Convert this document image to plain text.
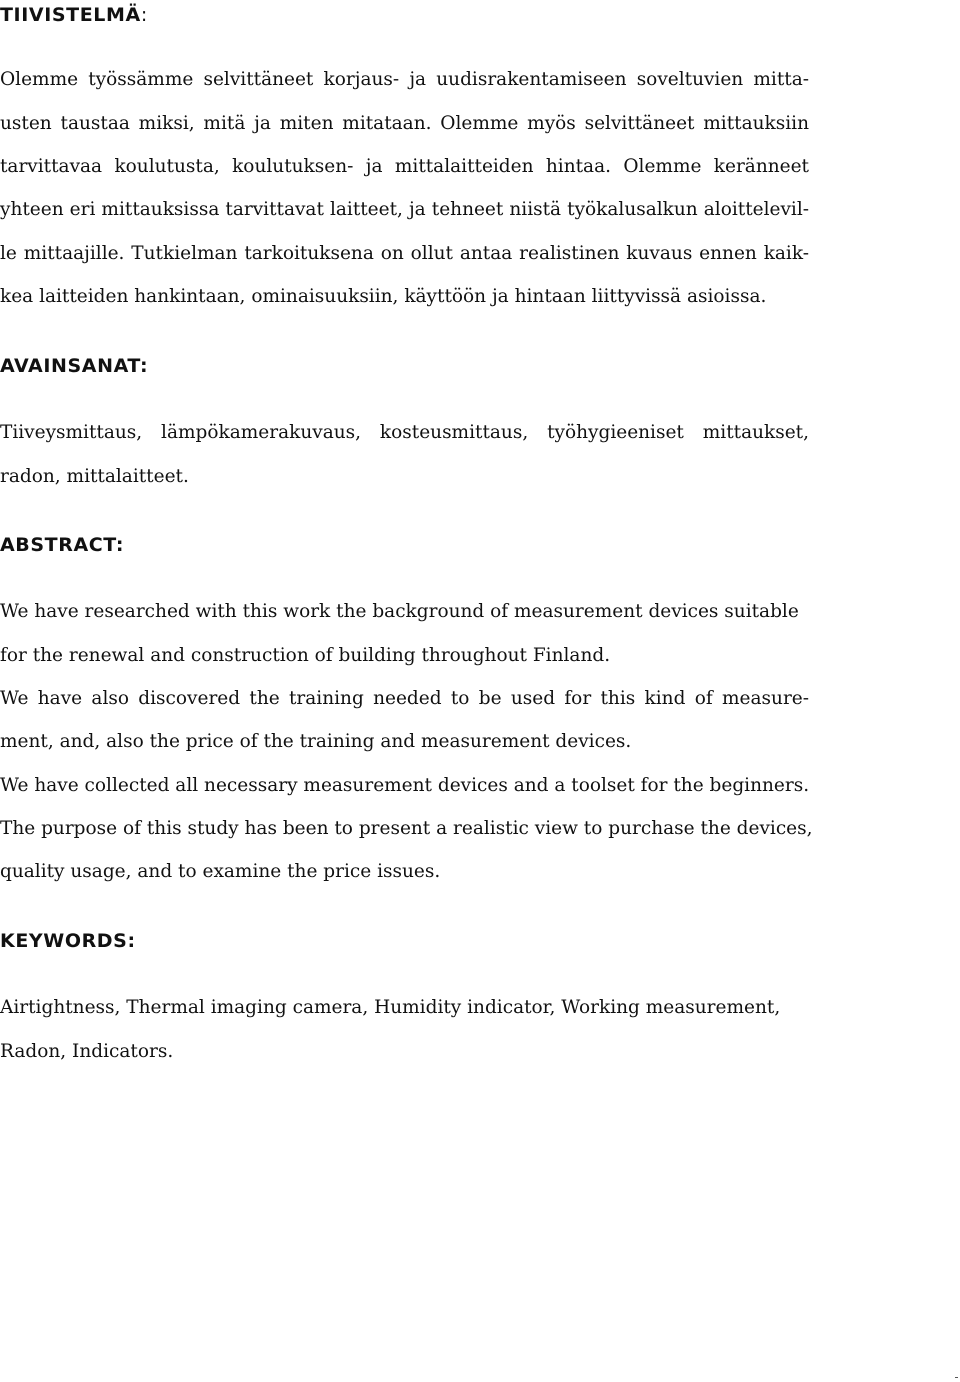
TIIVISTELMÄ:

Olemme työssämme selvittäneet korjaus- ja uudisrakentamiseen soveltuvien mitta-

usten taustaa miksi, mitä ja miten mitataan. Olemme myös selvittäneet mittauksiin

tarvittavaa koulutusta, koulutuksen- ja mittalaitteiden hintaa. Olemme keränneet

yhteen eri mittauksissa tarvittavat laitteet, ja tehneet niistä työkalusalkun aloittelevil-

le mittaajille. Tutkielman tarkoituksena on ollut antaa realistinen kuvaus ennen kaik-

kea laitteiden hankintaan, ominaisuuksiin, käyttöön ja hintaan liittyvissä asioissa.

AVAINSANAT:

Tiiveysmittaus, lämpökamerakuvaus, kosteusmittaus, työhygieeniset mittaukset,

radon, mittalaitteet.

ABSTRACT:

We have researched with this work the background of measurement devices suitable

for the renewal and construction of building throughout Finland.

We have also discovered the training needed to be used for this kind of measure-

ment, and, also the price of the training and measurement devices.

We have collected all necessary measurement devices and a toolset for the beginners.

The purpose of this study has been to present a realistic view to purchase the devices,

quality usage, and to examine the price issues.

KEYWORDS:

Airtightness, Thermal imaging camera, Humidity indicator, Working measurement,

Radon, Indicators.
